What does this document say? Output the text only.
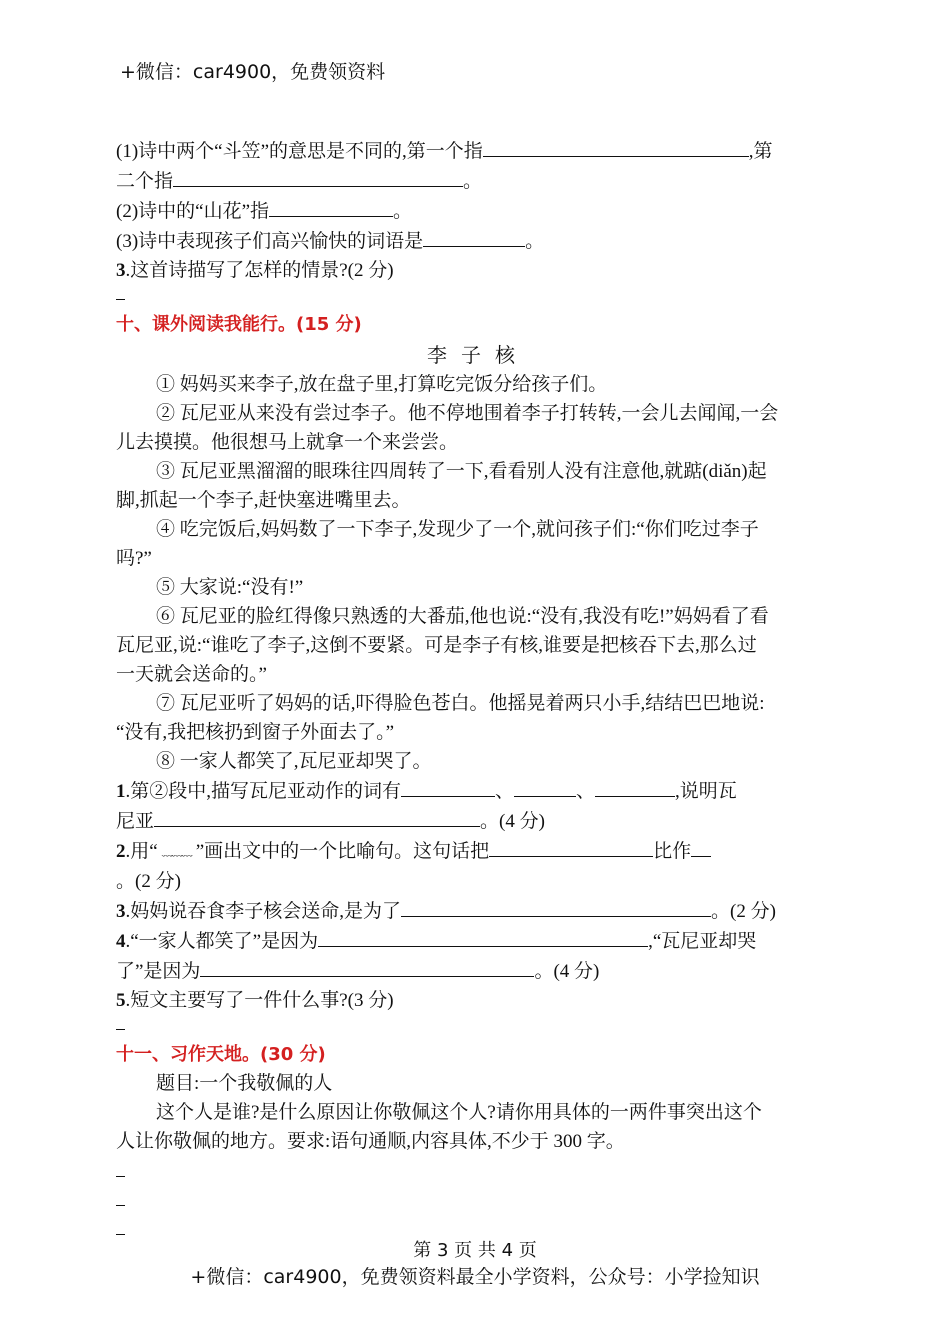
+微信：car4900，免费领资料
(1)诗中两个“斗笠”的意思是不同的,第一个指	,第
二个指	。
(2)诗中的“山花”指	。
(3)诗中表现孩子们高兴愉快的词语是	。
3.这首诗描写了怎样的情景?(2 分)
十、课外阅读我能行。(15 分)
李子核
① 妈妈买来李子,放在盘子里,打算吃完饭分给孩子们。
② 瓦尼亚从来没有尝过李子。他不停地围着李子打转转,一会儿去闻闻,一会
儿去摸摸。他很想马上就拿一个来尝尝。
③ 瓦尼亚黑溜溜的眼珠往四周转了一下,看看别人没有注意他,就踮(diǎn)起
脚,抓起一个李子,赶快塞进嘴里去。
④ 吃完饭后,妈妈数了一下李子,发现少了一个,就问孩子们:“你们吃过李子
吗?”
⑤ 大家说:“没有!”
⑥ 瓦尼亚的脸红得像只熟透的大番茄,他也说:“没有,我没有吃!”妈妈看了看
瓦尼亚,说:“谁吃了李子,这倒不要紧。可是李子有核,谁要是把核吞下去,那么过
一天就会送命的。”
⑦ 瓦尼亚听了妈妈的话,吓得脸色苍白。他摇晃着两只小手,结结巴巴地说:
“没有,我把核扔到窗子外面去了。”
⑧ 一家人都笑了,瓦尼亚却哭了。
1.第②段中,描写瓦尼亚动作的词有	、	、	,说明瓦
尼亚	。(4 分)
2.用“ ﹏﹏﹏ ”画出文中的一个比喻句。这句话把	比作
。(2 分)
3.妈妈说吞食李子核会送命,是为了	。(2 分)
4.“一家人都笑了”是因为	,“瓦尼亚却哭
了”是因为	。(4 分)
5.短文主要写了一件什么事?(3 分)
十一、习作天地。(30 分)
题目:一个我敬佩的人
这个人是谁?是什么原因让你敬佩这个人?请你用具体的一两件事突出这个
人让你敬佩的地方。要求:语句通顺,内容具体,不少于 300 字。
第 3 页 共 4 页
+微信：car4900，免费领资料最全小学资料，公众号：小学捡知识
